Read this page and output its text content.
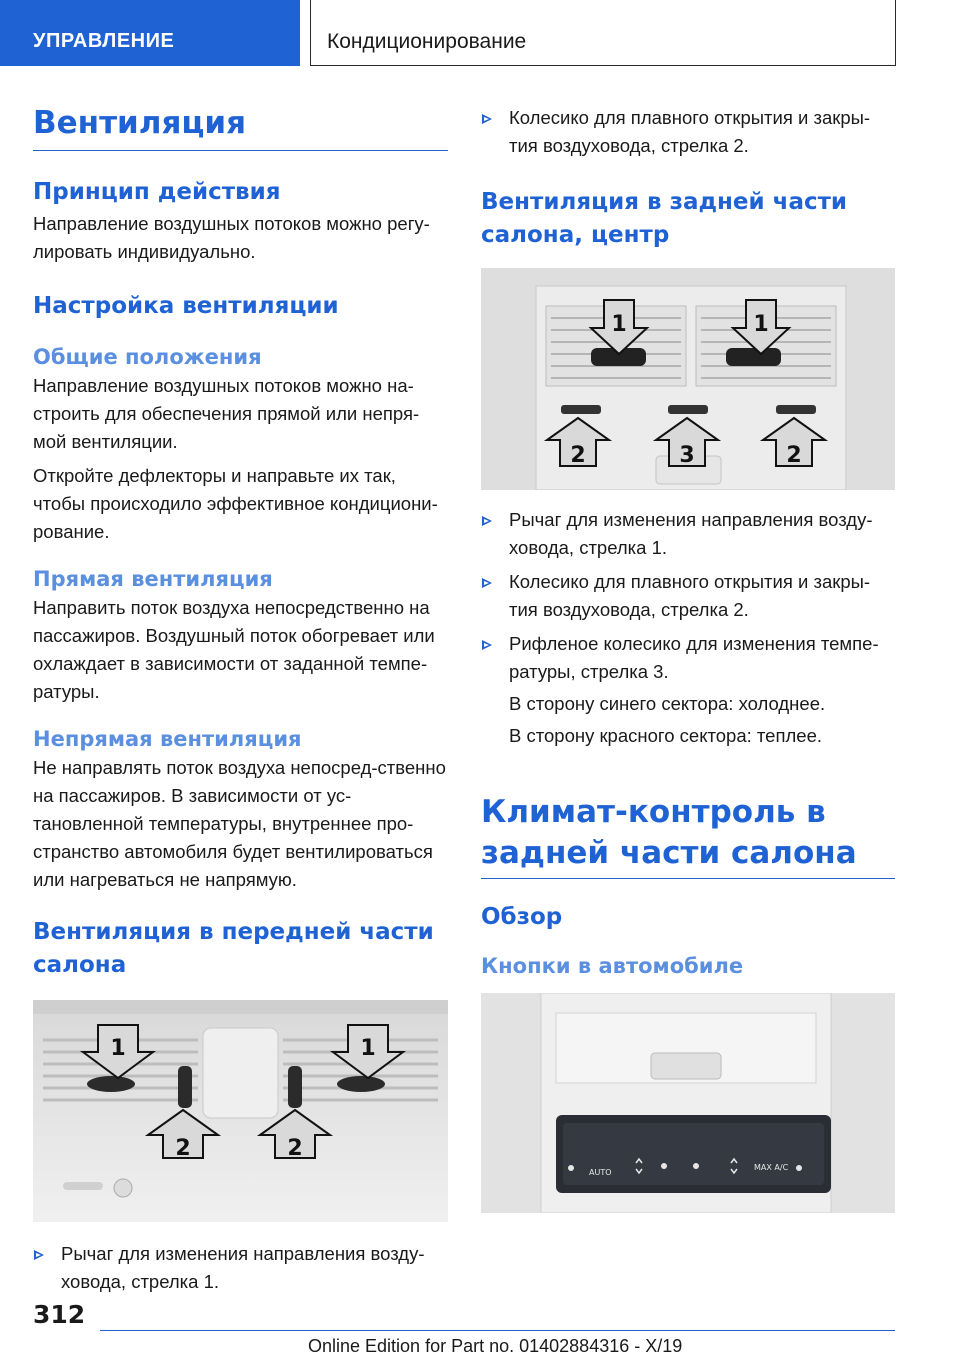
УПРАВЛЕНИЕ	Кондиционирование
Вентиляция
Принцип действия
Направление воздушных потоков можно регу-лировать индивидуально.
Настройка вентиляции
Общие положения
Направление воздушных потоков можно на-строить для обеспечения прямой или непря-мой вентиляции.
Откройте дефлекторы и направьте их так, чтобы происходило эффективное кондициони-рование.
Прямая вентиляция
Направить поток воздуха непосредственно на пассажиров. Воздушный поток обогревает или охлаждает в зависимости от заданной темпе-ратуры.
Непрямая вентиляция
Не направлять поток воздуха непосред-ственно на пассажиров. В зависимости от ус-тановленной температуры, внутреннее про-странство автомобиля будет вентилироваться или нагреваться не напрямую.
Вентиляция в передней части салона
1	1
2	2
Рычаг для изменения направления возду-ховода, стрелка 1.
Колесико для плавного открытия и закры-тия воздуховода, стрелка 2.
Вентиляция в задней части салона, центр
1	1
2	3	2
Рычаг для изменения направления возду-ховода, стрелка 1.
Колесико для плавного открытия и закры-тия воздуховода, стрелка 2.
Рифленое колесико для изменения темпе-ратуры, стрелка 3.
В сторону синего сектора: холоднее.
В сторону красного сектора: теплее.
Климат-контроль в задней части салона
Обзор
Кнопки в автомобиле
AUTO
MAX A/C
312
Online Edition for Part no. 01402884316 - X/19
